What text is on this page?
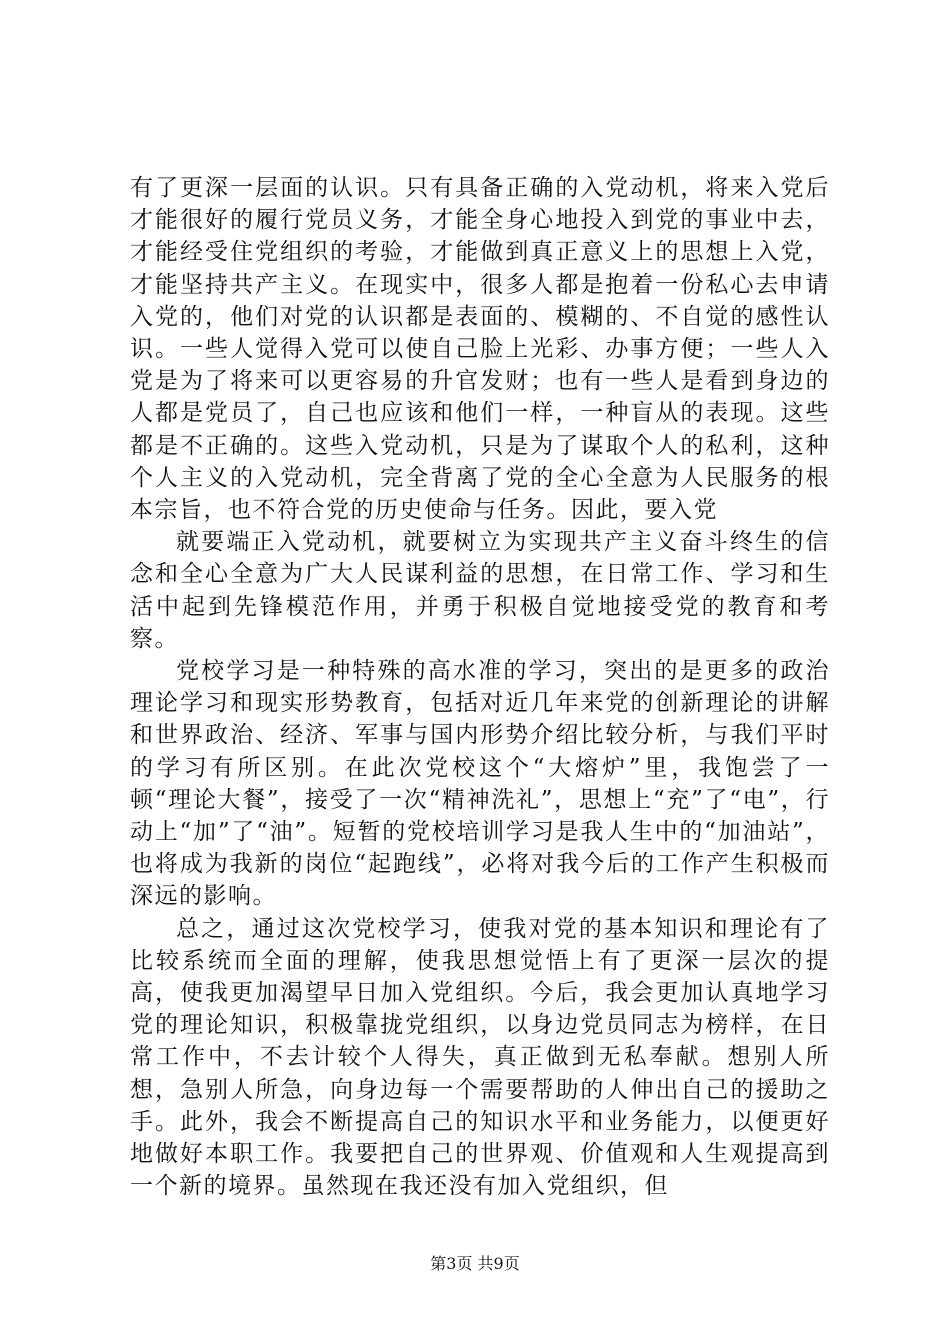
有了更深一层面的认识。只有具备正确的入党动机，将来入党后才能很好的履行党员义务，才能全身心地投入到党的事业中去，才能经受住党组织的考验，才能做到真正意义上的思想上入党，才能坚持共产主义。在现实中，很多人都是抱着一份私心去申请入党的，他们对党的认识都是表面的、模糊的、不自觉的感性认识。一些人觉得入党可以使自己脸上光彩、办事方便；一些人入党是为了将来可以更容易的升官发财；也有一些人是看到身边的人都是党员了，自己也应该和他们一样，一种盲从的表现。这些都是不正确的。这些入党动机，只是为了谋取个人的私利，这种个人主义的入党动机，完全背离了党的全心全意为人民服务的根本宗旨，也不符合党的历史使命与任务。因此，要入党

就要端正入党动机，就要树立为实现共产主义奋斗终生的信念和全心全意为广大人民谋利益的思想，在日常工作、学习和生活中起到先锋模范作用，并勇于积极自觉地接受党的教育和考察。

党校学习是一种特殊的高水准的学习，突出的是更多的政治理论学习和现实形势教育，包括对近几年来党的创新理论的讲解和世界政治、经济、军事与国内形势介绍比较分析，与我们平时的学习有所区别。在此次党校这个“大熔炉”里，我饱尝了一顿“理论大餐”，接受了一次“精神洗礼”，思想上“充”了“电”，行动上“加”了“油”。短暂的党校培训学习是我人生中的“加油站”，也将成为我新的岗位“起跑线”，必将对我今后的工作产生积极而深远的影响。

总之，通过这次党校学习，使我对党的基本知识和理论有了比较系统而全面的理解，使我思想觉悟上有了更深一层次的提高，使我更加渴望早日加入党组织。今后，我会更加认真地学习党的理论知识，积极靠拢党组织，以身边党员同志为榜样，在日常工作中，不去计较个人得失，真正做到无私奉献。想别人所想，急别人所急，向身边每一个需要帮助的人伸出自己的援助之手。此外，我会不断提高自己的知识水平和业务能力，以便更好地做好本职工作。我要把自己的世界观、价值观和人生观提高到一个新的境界。虽然现在我还没有加入党组织，但

第3页 共9页
